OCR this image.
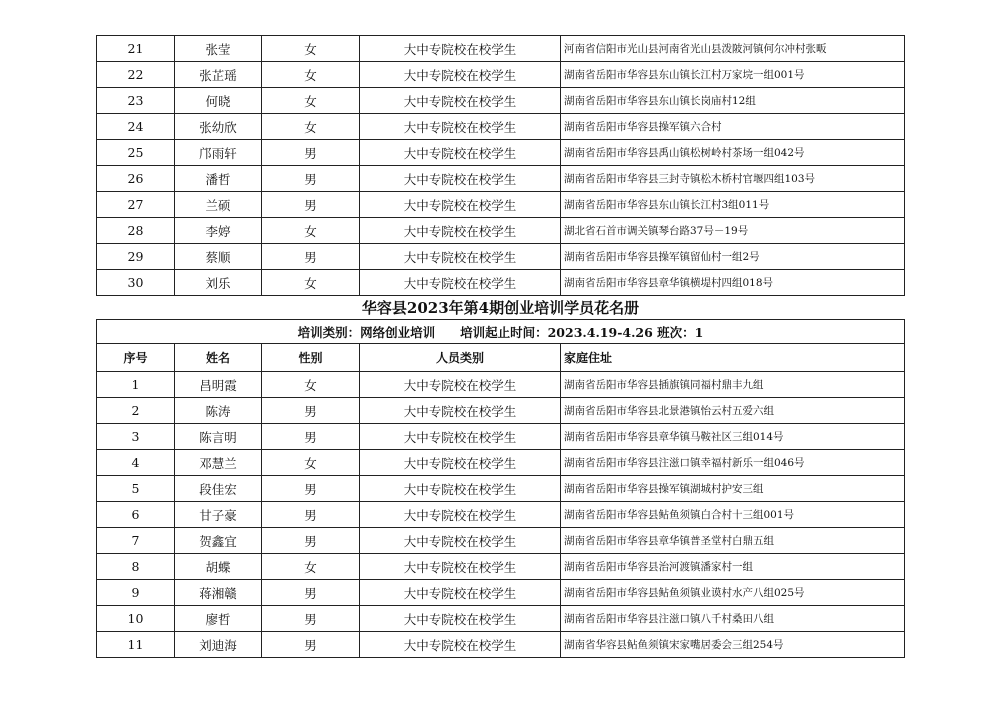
21	张莹	女	大中专院校在校学生	河南省信阳市光山县河南省光山县泼陂河镇何尔冲村张畈
22	张芷瑶	女	大中专院校在校学生	湖南省岳阳市华容县东山镇长江村万家垸一组001号
23	何晓	女	大中专院校在校学生	湖南省岳阳市华容县东山镇长岗庙村12组
24	张幼欣	女	大中专院校在校学生	湖南省岳阳市华容县操军镇六合村
25	邝雨轩	男	大中专院校在校学生	湖南省岳阳市华容县禹山镇松树岭村茶场一组042号
26	潘哲	男	大中专院校在校学生	湖南省岳阳市华容县三封寺镇松木桥村官堰四组103号
27	兰硕	男	大中专院校在校学生	湖南省岳阳市华容县东山镇长江村3组011号
28	李婷	女	大中专院校在校学生	湖北省石首市调关镇琴台路37号－19号
29	蔡顺	男	大中专院校在校学生	湖南省岳阳市华容县操军镇留仙村一组2号
30	刘乐	女	大中专院校在校学生	湖南省岳阳市华容县章华镇横堤村四组018号
华容县2023年第4期创业培训学员花名册				
培训类别：网络创业培训　　培训起止时间：2023.4.19-4.26 班次：1				
序号	姓名	性别	人员类别	家庭住址
1	昌明霞	女	大中专院校在校学生	湖南省岳阳市华容县插旗镇同福村鼎丰九组
2	陈涛	男	大中专院校在校学生	湖南省岳阳市华容县北景港镇怡云村五爱六组
3	陈言明	男	大中专院校在校学生	湖南省岳阳市华容县章华镇马鞍社区三组014号
4	邓慧兰	女	大中专院校在校学生	湖南省岳阳市华容县注滋口镇幸福村新乐一组046号
5	段佳宏	男	大中专院校在校学生	湖南省岳阳市华容县操军镇湖城村护安三组
6	甘子豪	男	大中专院校在校学生	湖南省岳阳市华容县鲇鱼须镇白合村十三组001号
7	贺鑫宜	男	大中专院校在校学生	湖南省岳阳市华容县章华镇普圣堂村白鼎五组
8	胡蝶	女	大中专院校在校学生	湖南省岳阳市华容县治河渡镇潘家村一组
9	蒋湘赣	男	大中专院校在校学生	湖南省岳阳市华容县鲇鱼须镇业谟村水产八组025号
10	廖哲	男	大中专院校在校学生	湖南省岳阳市华容县注滋口镇八千村桑田八组
11	刘迪海	男	大中专院校在校学生	湖南省华容县鲇鱼须镇宋家嘴居委会三组254号
